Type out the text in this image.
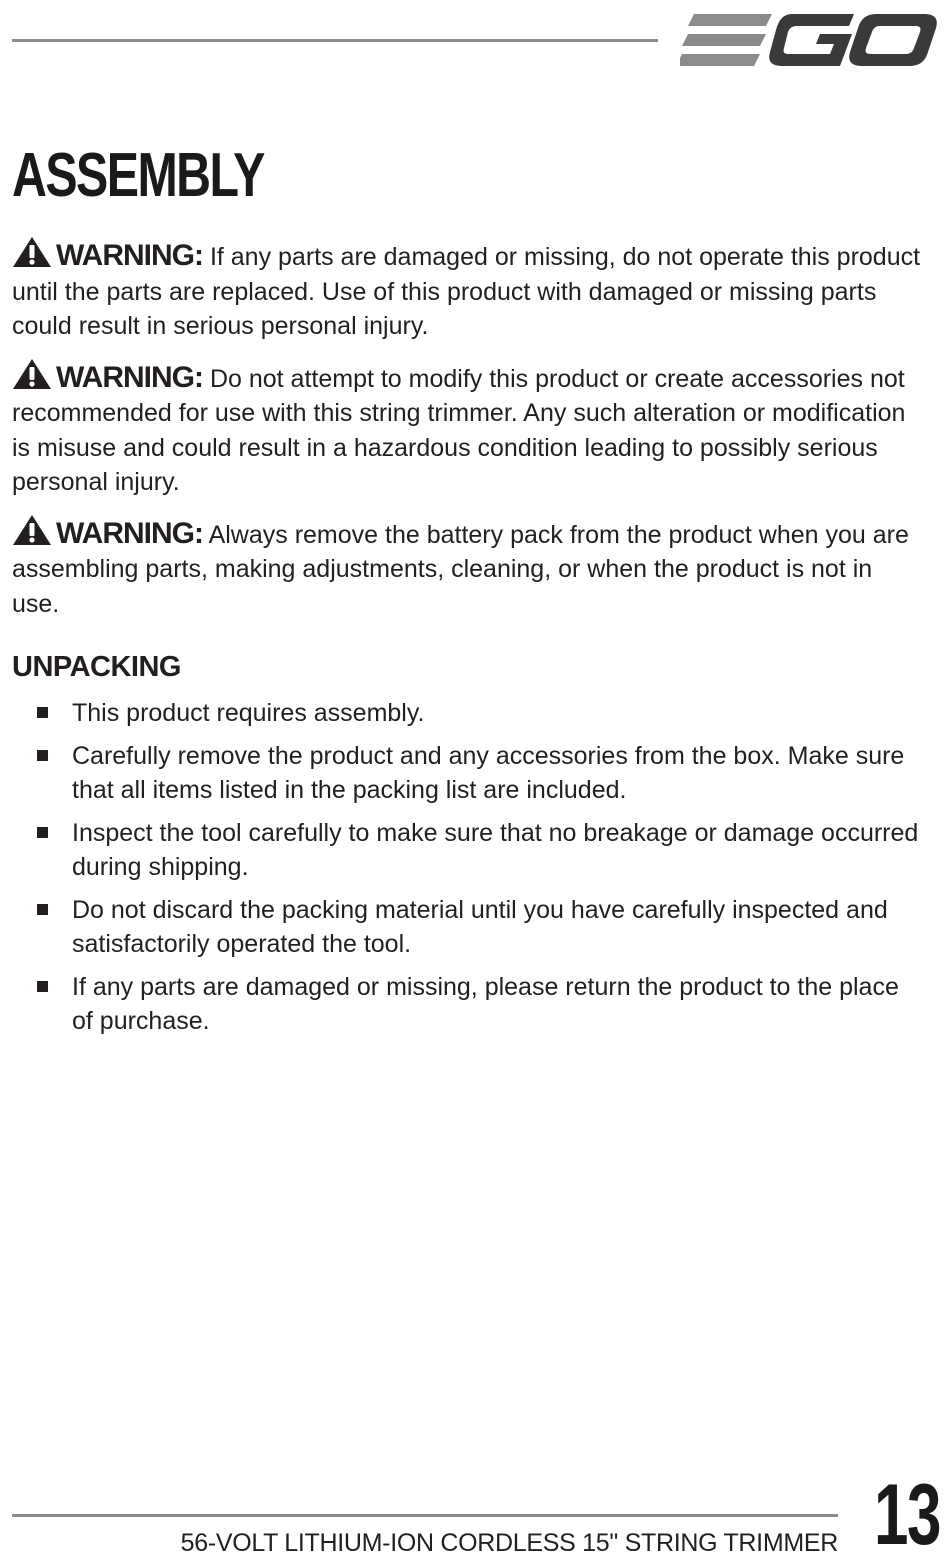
ASSEMBLY

WARNING: If any parts are damaged or missing, do not operate this product until the parts are replaced. Use of this product with damaged or missing parts could result in serious personal injury.

WARNING: Do not attempt to modify this product or create accessories not recommended for use with this string trimmer. Any such alteration or modification is misuse and could result in a hazardous condition leading to possibly serious personal injury.

WARNING: Always remove the battery pack from the product when you are assembling parts, making adjustments, cleaning, or when the product is not in use.

UNPACKING
This product requires assembly.
Carefully remove the product and any accessories from the box. Make sure that all items listed in the packing list are included.
Inspect the tool carefully to make sure that no breakage or damage occurred during shipping.
Do not discard the packing material until you have carefully inspected and satisfactorily operated the tool.
If any parts are damaged or missing, please return the product to the place of purchase.
56-VOLT LITHIUM-ION CORDLESS 15" STRING TRIMMER 13
